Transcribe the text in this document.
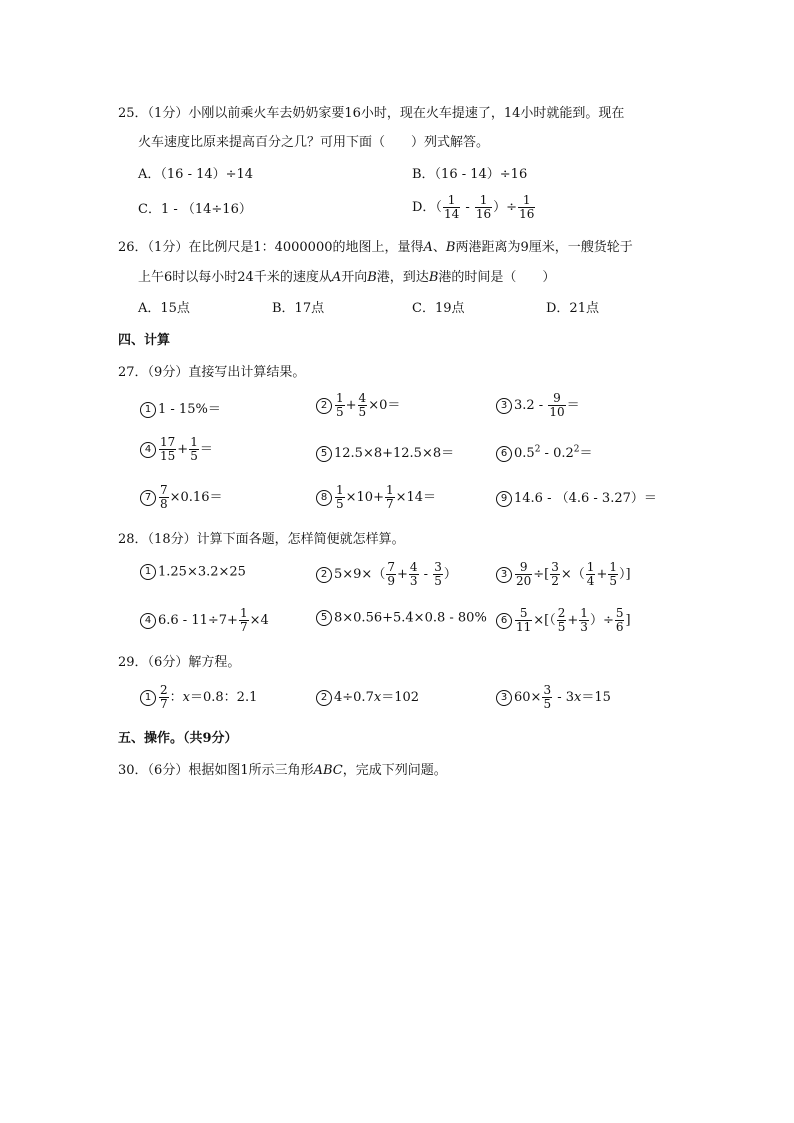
25．（1分）小刚以前乘火车去奶奶家要16小时，现在火车提速了，14小时就能到。现在
火车速度比原来提高百分之几？可用下面（　　）列式解答。
A．（16 - 14）÷14	B．（16 - 14）÷16
C．1 - （14÷16）	D．（ $\frac{1}{14} - \frac{1}{16}$ ）÷ $\frac{1}{16}$
26．（1分）在比例尺是1：4000000的地图上，量得A、B两港距离为9厘米，一艘货轮于
上午6时以每小时24千米的速度从A开向B港，到达B港的时间是（　　）
A．15点	B．17点	C．19点	D．21点
四、计算
27．（9分）直接写出计算结果。
1 1 - 15%＝	$2 \frac{1}{5} + \frac{4}{5} \times 0=$	3 $3.2 - \frac{9}{10}$ ＝
$4 \frac{17}{15} + \frac{1}{5}$ ＝	5 12.5×8+12.5×8＝	6 $0.5^2 - 0.2^2=$
$7 \frac{7}{8} \times 0.16=$	$8 \frac{1}{5} \times 10+ \frac{1}{7} \times 14=$	9 14.6 - （4.6 - 3.27）＝
28．（18分）计算下面各题，怎样简便就怎样算。
1 1.25×3.2×25	2 $5\times 9\times( \frac{7}{9} + \frac{4}{3} - \frac{3}{5}$ ）	$3 \frac{9}{20}$ ÷[ $\frac{3}{2}$ ×（ $\frac{1}{4} + \frac{1}{5}$ ）]
4 $6.6 - 11\div 7+ \frac{1}{7} \times 4$	5 8×0.56+5.4×0.8 - 80%	$6 \frac{5}{11}$ ×[（ $\frac{2}{5} + \frac{1}{3}$ ）÷ $\frac{5}{6}$ ]
29．（6分）解方程。
$1 \frac{2}{7}$ ：x＝0.8：2.1	2 4÷0.7x＝102	3 $60\times \frac{3}{5} - 3x=15$
五、操作。（共9分）
30．（6分）根据如图1所示三角形ABC，完成下列问题。
